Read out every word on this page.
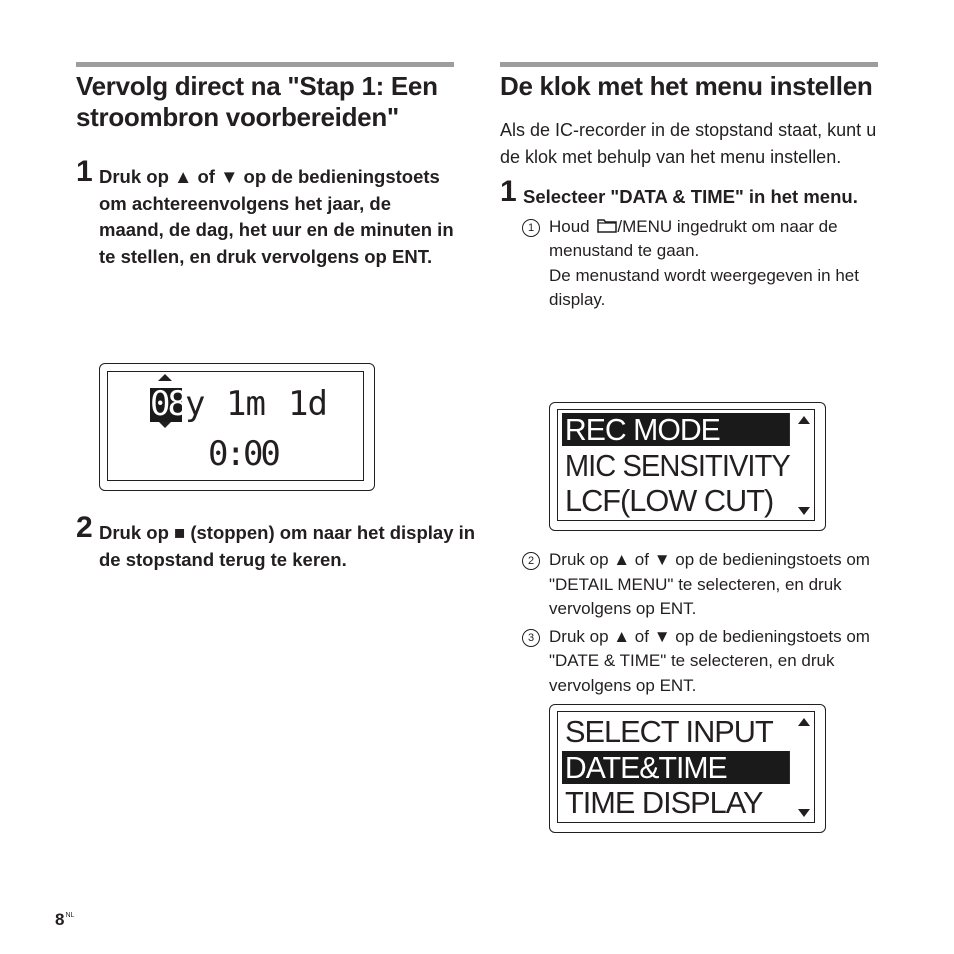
Vervolg direct na "Stap 1: Een stroombron voorbereiden"
1 Druk op ▲ of ▼ op de bedieningstoets om achtereenvolgens het jaar, de maand, de dag, het uur en de minuten in te stellen, en druk vervolgens op ENT.
08 y 1m 1d
0:00
2 Druk op ■ (stoppen) om naar het display in de stopstand terug te keren.
De klok met het menu instellen
Als de IC-recorder in de stopstand staat, kunt u de klok met behulp van het menu instellen.
1 Selecteer "DATA & TIME" in het menu.
1 Houd /MENU ingedrukt om naar de menustand te gaan.
De menustand wordt weergegeven in het display.
REC MODE
MIC SENSITIVITY
LCF(LOW CUT)
2 Druk op ▲ of ▼ op de bedieningstoets om "DETAIL MENU" te selecteren, en druk vervolgens op ENT.
3 Druk op ▲ of ▼ op de bedieningstoets om "DATE & TIME" te selecteren, en druk vervolgens op ENT.
SELECT INPUT
DATE&TIME
TIME DISPLAY
$8^{NL}$
